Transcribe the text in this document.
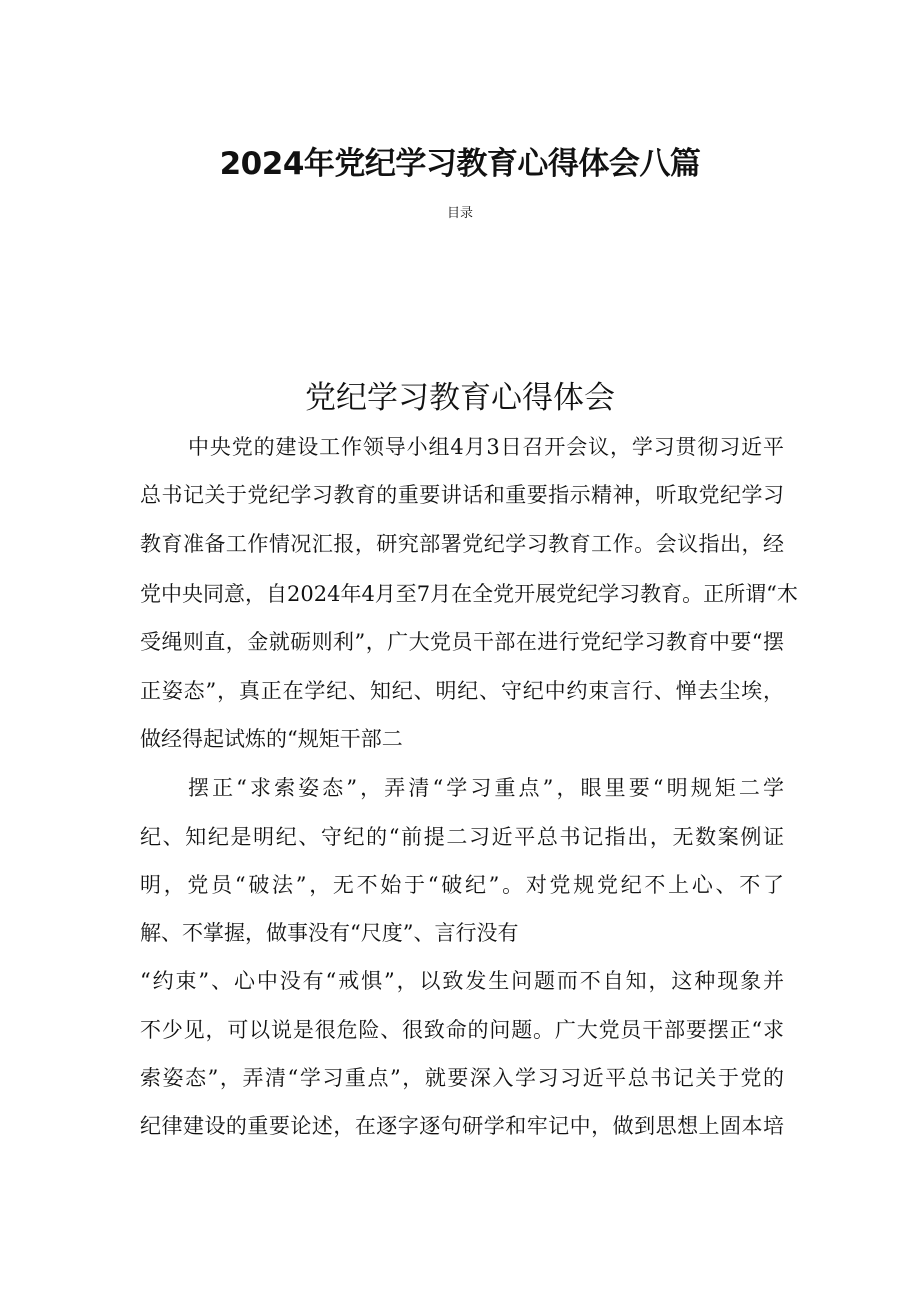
2024年党纪学习教育心得体会八篇
目录
党纪学习教育心得体会
中央党的建设工作领导小组4月3日召开会议，学习贯彻习近平
总书记关于党纪学习教育的重要讲话和重要指示精神，听取党纪学习
教育准备工作情况汇报，研究部署党纪学习教育工作。会议指出，经
党中央同意，自2024年4月至7月在全党开展党纪学习教育。正所谓“木
受绳则直，金就砺则利”，广大党员干部在进行党纪学习教育中要“摆
正姿态”，真正在学纪、知纪、明纪、守纪中约束言行、惮去尘埃，
做经得起试炼的“规矩干部二
摆正“求索姿态”，弄清“学习重点”，眼里要“明规矩二学
纪、知纪是明纪、守纪的“前提二习近平总书记指出，无数案例证
明，党员“破法”，无不始于“破纪”。对党规党纪不上心、不了
解、不掌握，做事没有“尺度”、言行没有
“约束”、心中没有“戒惧”，以致发生问题而不自知，这种现象并
不少见，可以说是很危险、很致命的问题。广大党员干部要摆正“求
索姿态”，弄清“学习重点”，就要深入学习习近平总书记关于党的
纪律建设的重要论述，在逐字逐句研学和牢记中，做到思想上固本培
